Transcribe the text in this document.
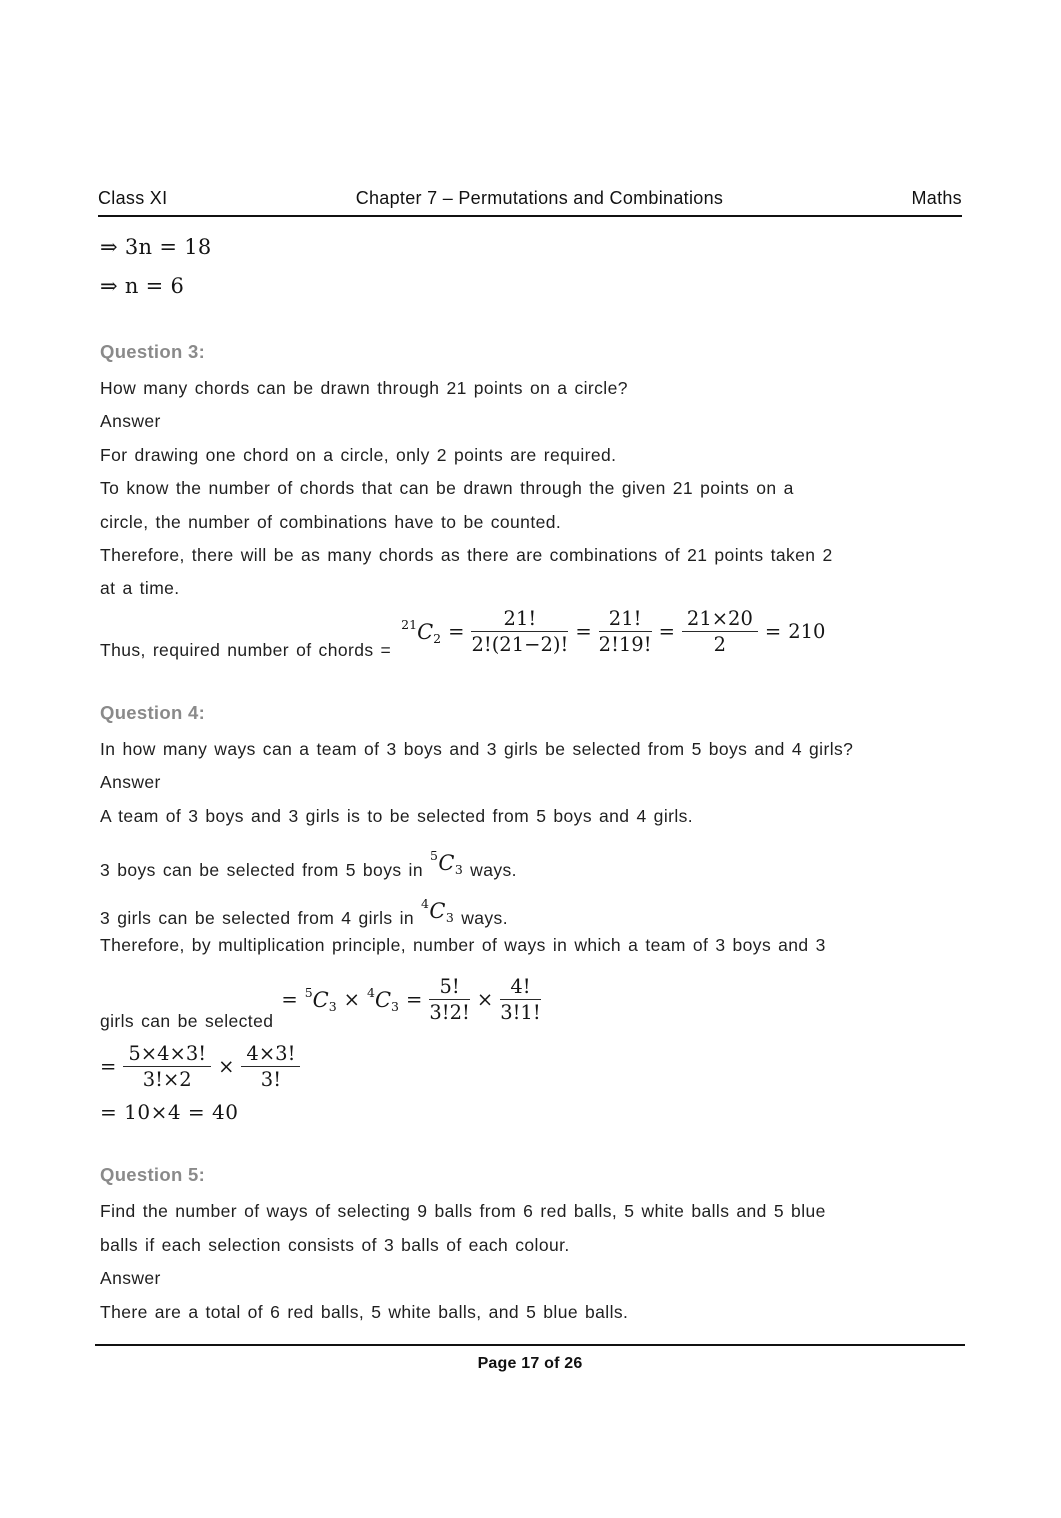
Class XI	Chapter 7 – Permutations and Combinations	Maths
⇒ 3n = 18
⇒ n = 6
Question 3:
How many chords can be drawn through 21 points on a circle?
Answer
For drawing one chord on a circle, only 2 points are required.
To know the number of chords that can be drawn through the given 21 points on a
circle, the number of combinations have to be counted.
Therefore, there will be as many chords as there are combinations of 21 points taken 2
at a time.
Thus, required number of chords =
$^{21}C_2 = \frac{21!}{2!(21-2)!} = \frac{21!}{2!19!} = \frac{21\times 20}{2} = 210$
Question 4:
In how many ways can a team of 3 boys and 3 girls be selected from 5 boys and 4 girls?
Answer
A team of 3 boys and 3 girls is to be selected from 5 boys and 4 girls.
3 boys can be selected from 5 boys in
$^5C_3$ ways.
3 girls can be selected from 4 girls in
$^4C_3$ ways.
Therefore, by multiplication principle, number of ways in which a team of 3 boys and 3
girls can be selected
= $^5C_3 \times ^4C_3 = \frac{5!}{3!2!} \times \frac{4!}{3!1!}$
= $\frac{5\times 4\times 3!}{3!\times 2} \times \frac{4\times 3!}{3!}$
= 10×4 = 40
Question 5:
Find the number of ways of selecting 9 balls from 6 red balls, 5 white balls and 5 blue
balls if each selection consists of 3 balls of each colour.
Answer
There are a total of 6 red balls, 5 white balls, and 5 blue balls.
Page 17 of 26
